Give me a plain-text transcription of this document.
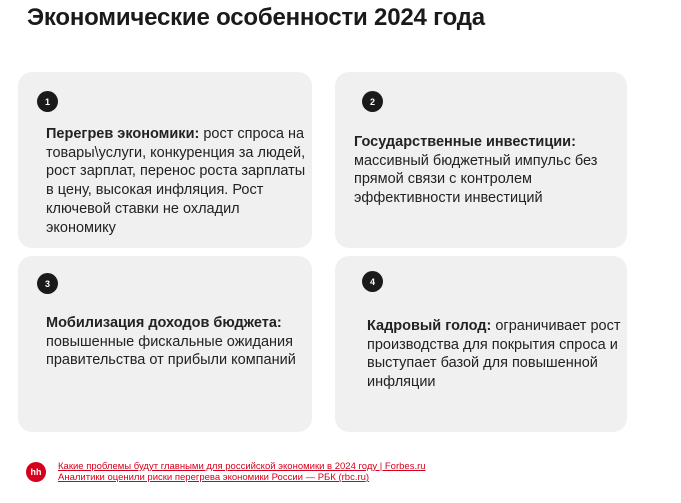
Экономические особенности 2024 года
1
Перегрев экономики: рост спроса на товары\услуги, конкуренция за людей, рост зарплат, перенос роста зарплаты в цену, высокая инфляция. Рост ключевой ставки не охладил экономику
2
Государственные инвестиции: массивный бюджетный импульс без прямой связи с контролем эффективности инвестиций
3
Мобилизация доходов бюджета: повышенные фискальные ожидания правительства от прибыли компаний
4
Кадровый голод: ограничивает рост производства для покрытия спроса и выступает базой для повышенной инфляции
hh	Какие проблемы будут главными для российской экономики в 2024 году | Forbes.ru
Аналитики оценили риски перегрева экономики России — РБК (rbc.ru)
